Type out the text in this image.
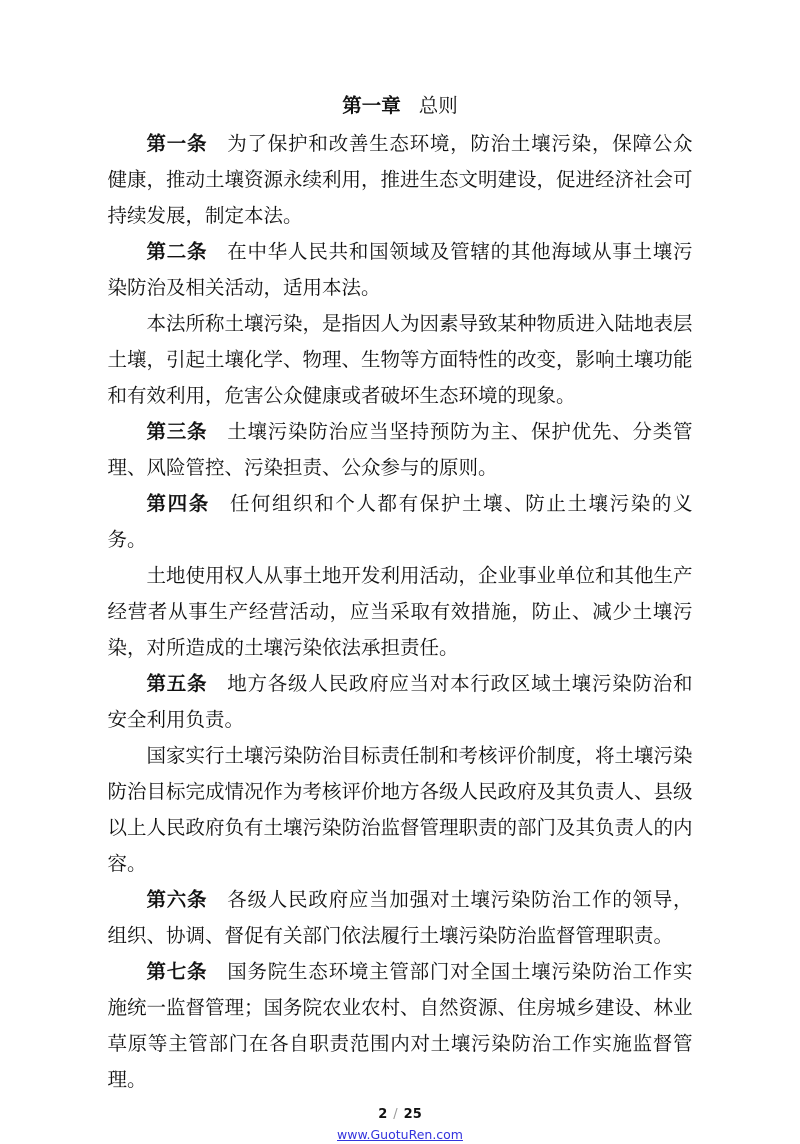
第一章 总则

第一条 为了保护和改善生态环境，防治土壤污染，保障公众健康，推动土壤资源永续利用，推进生态文明建设，促进经济社会可持续发展，制定本法。

第二条 在中华人民共和国领域及管辖的其他海域从事土壤污染防治及相关活动，适用本法。

本法所称土壤污染，是指因人为因素导致某种物质进入陆地表层土壤，引起土壤化学、物理、生物等方面特性的改变，影响土壤功能和有效利用，危害公众健康或者破坏生态环境的现象。

第三条 土壤污染防治应当坚持预防为主、保护优先、分类管理、风险管控、污染担责、公众参与的原则。

第四条 任何组织和个人都有保护土壤、防止土壤污染的义务。

土地使用权人从事土地开发利用活动，企业事业单位和其他生产经营者从事生产经营活动，应当采取有效措施，防止、减少土壤污染，对所造成的土壤污染依法承担责任。

第五条 地方各级人民政府应当对本行政区域土壤污染防治和安全利用负责。

国家实行土壤污染防治目标责任制和考核评价制度，将土壤污染防治目标完成情况作为考核评价地方各级人民政府及其负责人、县级以上人民政府负有土壤污染防治监督管理职责的部门及其负责人的内容。

第六条 各级人民政府应当加强对土壤污染防治工作的领导，组织、协调、督促有关部门依法履行土壤污染防治监督管理职责。

第七条 国务院生态环境主管部门对全国土壤污染防治工作实施统一监督管理；国务院农业农村、自然资源、住房城乡建设、林业草原等主管部门在各自职责范围内对土壤污染防治工作实施监督管理。

2 / 25
www.GuotuRen.com
